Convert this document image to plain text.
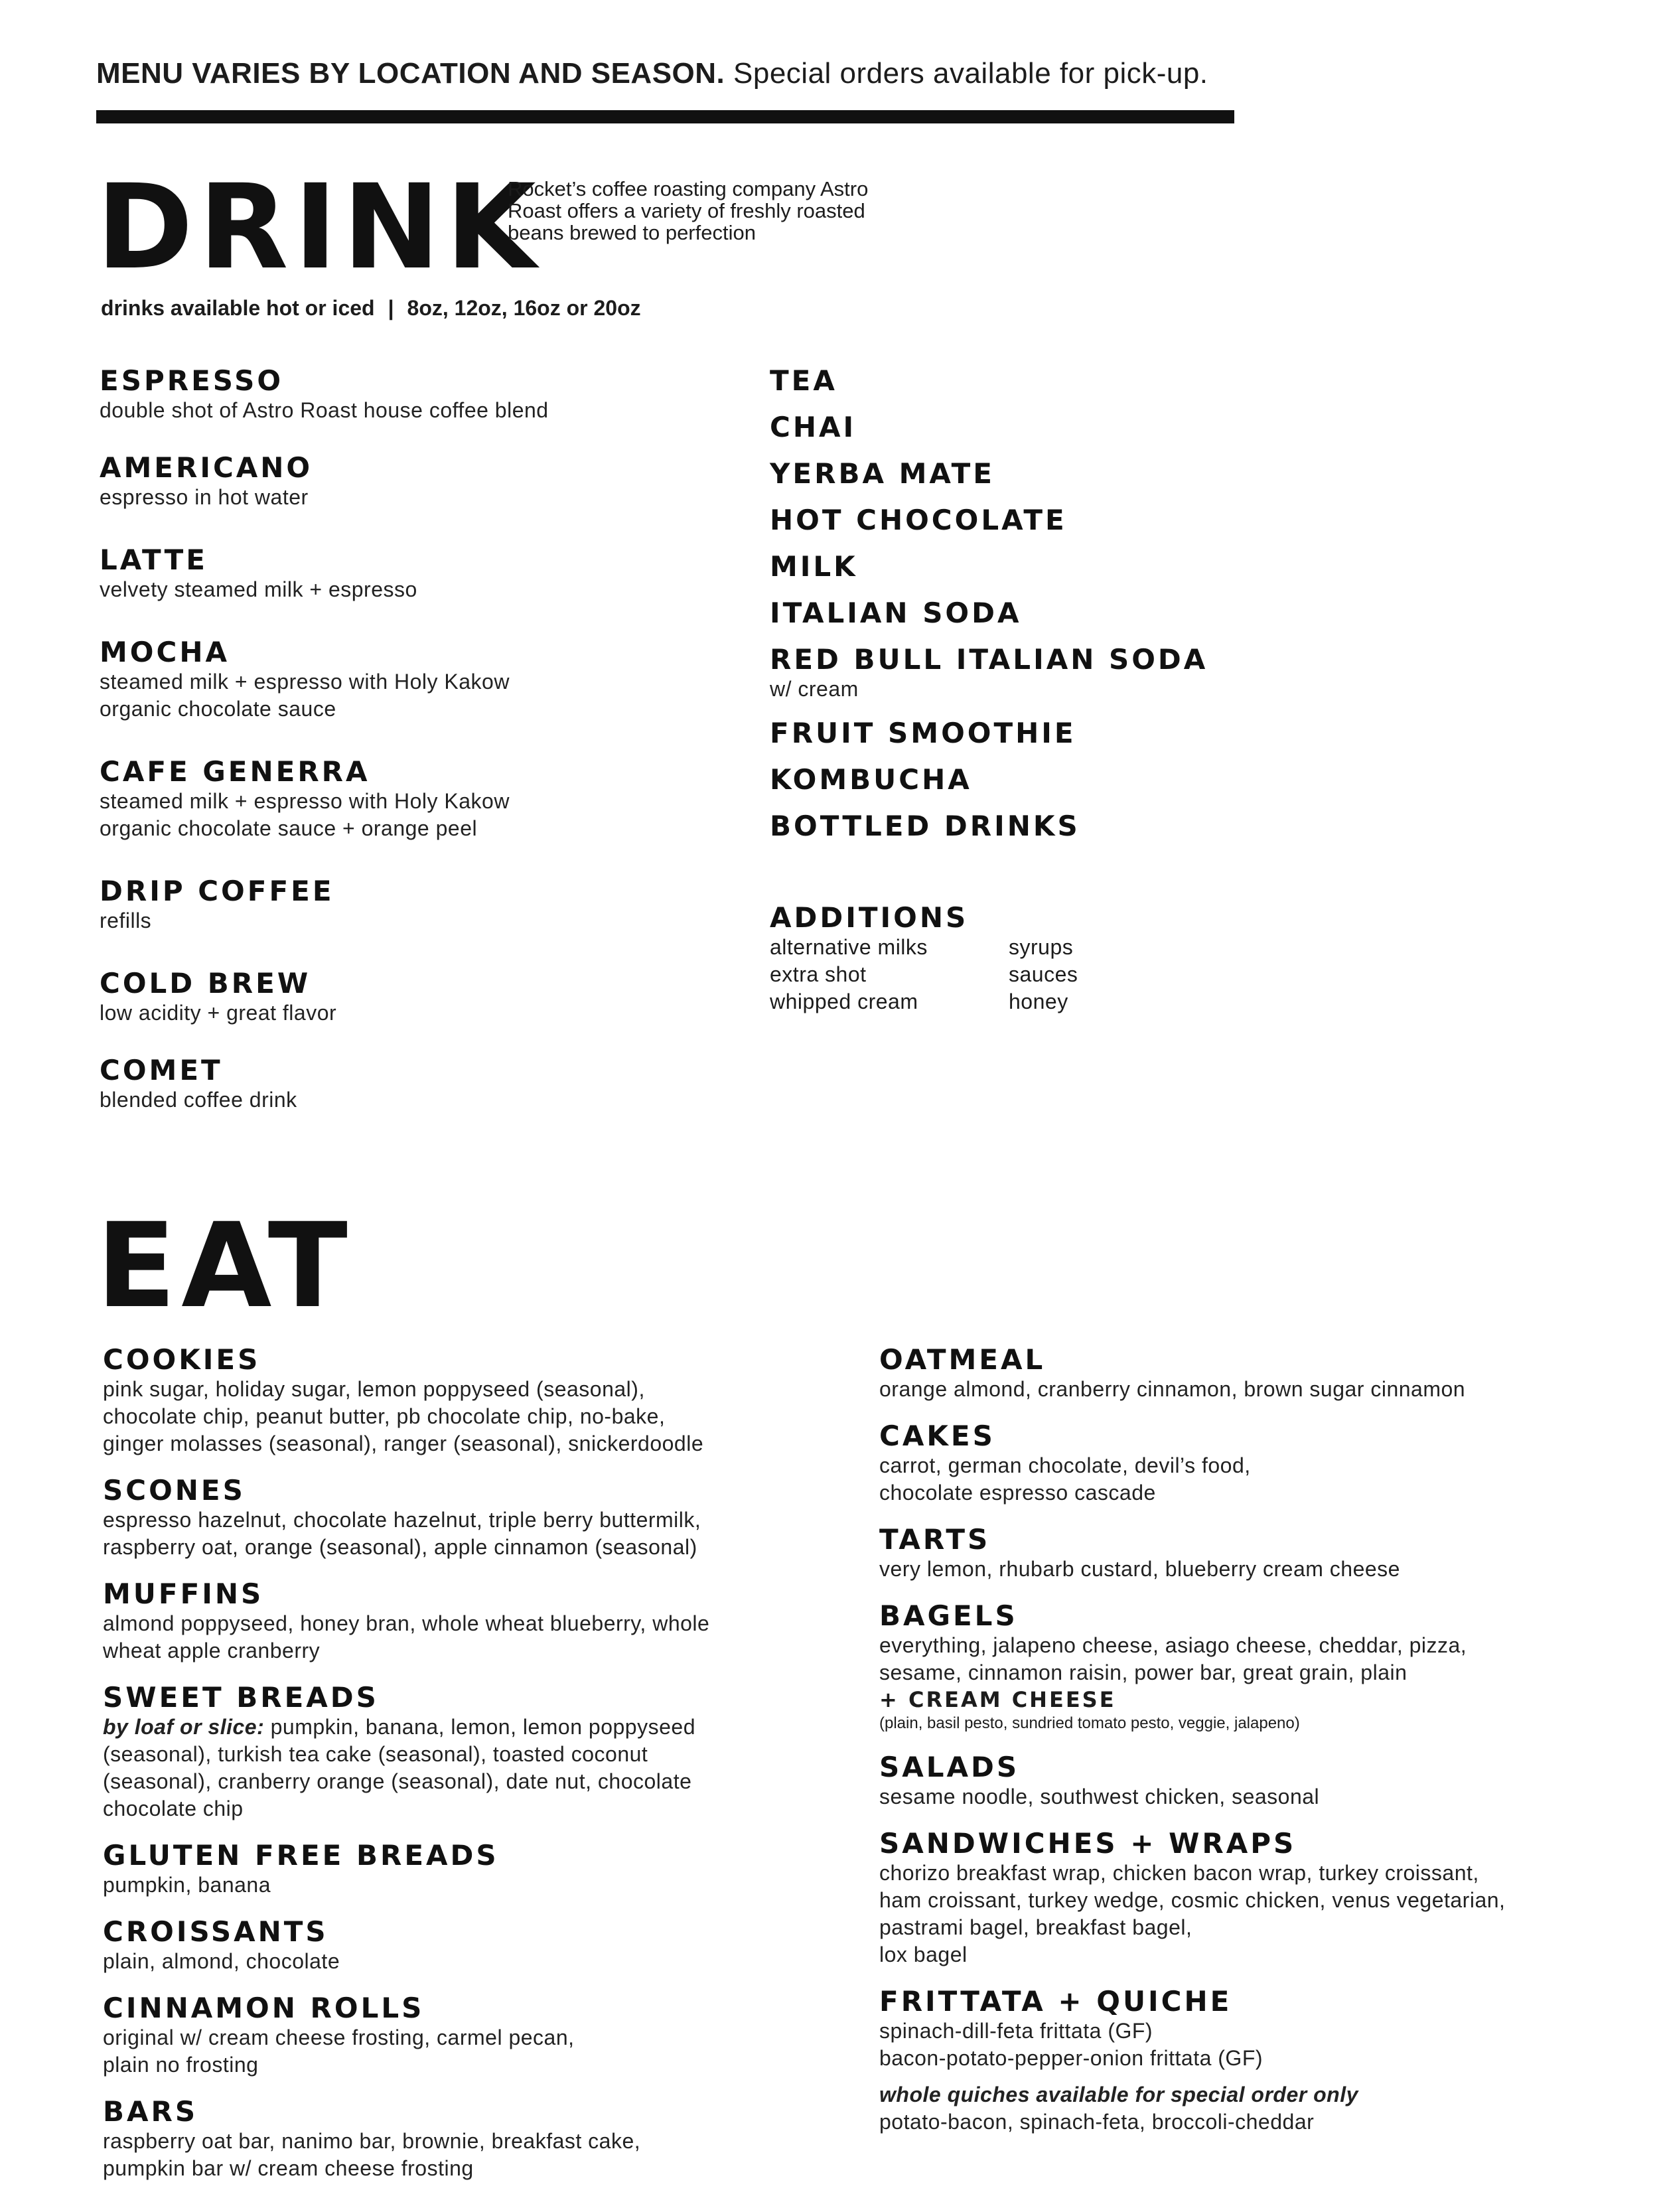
MENU VARIES BY LOCATION AND SEASON. Special orders available for pick-up.
DRINK
Rocket’s coffee roasting company Astro Roast offers a variety of freshly roasted beans brewed to perfection
drinks available hot or iced | 8oz, 12oz, 16oz or 20oz
ESPRESSO
double shot of Astro Roast house coffee blend
AMERICANO
espresso in hot water
LATTE
velvety steamed milk + espresso
MOCHA
steamed milk + espresso with Holy Kakow
organic chocolate sauce
CAFE GENERRA
steamed milk + espresso with Holy Kakow
organic chocolate sauce + orange peel
DRIP COFFEE
refills
COLD BREW
low acidity + great flavor
COMET
blended coffee drink
TEA
CHAI
YERBA MATE
HOT CHOCOLATE
MILK
ITALIAN SODA
RED BULL ITALIAN SODA
w/ cream
FRUIT SMOOTHIE
KOMBUCHA
BOTTLED DRINKS
ADDITIONS
alternative milks	syrups
extra shot	sauces
whipped cream	honey
EAT
COOKIES
pink sugar, holiday sugar, lemon poppyseed (seasonal),
chocolate chip, peanut butter, pb chocolate chip, no-bake,
ginger molasses (seasonal), ranger (seasonal), snickerdoodle
SCONES
espresso hazelnut, chocolate hazelnut, triple berry buttermilk,
raspberry oat, orange (seasonal), apple cinnamon (seasonal)
MUFFINS
almond poppyseed, honey bran, whole wheat blueberry, whole
wheat apple cranberry
SWEET BREADS
by loaf or slice: pumpkin, banana, lemon, lemon poppyseed
(seasonal), turkish tea cake (seasonal), toasted coconut
(seasonal), cranberry orange (seasonal), date nut, chocolate
chocolate chip
GLUTEN FREE BREADS
pumpkin, banana
CROISSANTS
plain, almond, chocolate
CINNAMON ROLLS
original w/ cream cheese frosting, carmel pecan,
plain no frosting
BARS
raspberry oat bar, nanimo bar, brownie, breakfast cake,
pumpkin bar w/ cream cheese frosting
OATMEAL
orange almond, cranberry cinnamon, brown sugar cinnamon
CAKES
carrot, german chocolate, devil’s food,
chocolate espresso cascade
TARTS
very lemon, rhubarb custard, blueberry cream cheese
BAGELS
everything, jalapeno cheese, asiago cheese, cheddar, pizza,
sesame, cinnamon raisin, power bar, great grain, plain
+ CREAM CHEESE
(plain, basil pesto, sundried tomato pesto, veggie, jalapeno)
SALADS
sesame noodle, southwest chicken, seasonal
SANDWICHES + WRAPS
chorizo breakfast wrap, chicken bacon wrap, turkey croissant,
ham croissant, turkey wedge, cosmic chicken, venus vegetarian,
pastrami bagel, breakfast bagel,
lox bagel
FRITTATA + QUICHE
spinach-dill-feta frittata (GF)
bacon-potato-pepper-onion frittata (GF)
whole quiches available for special order only
potato-bacon, spinach-feta, broccoli-cheddar
